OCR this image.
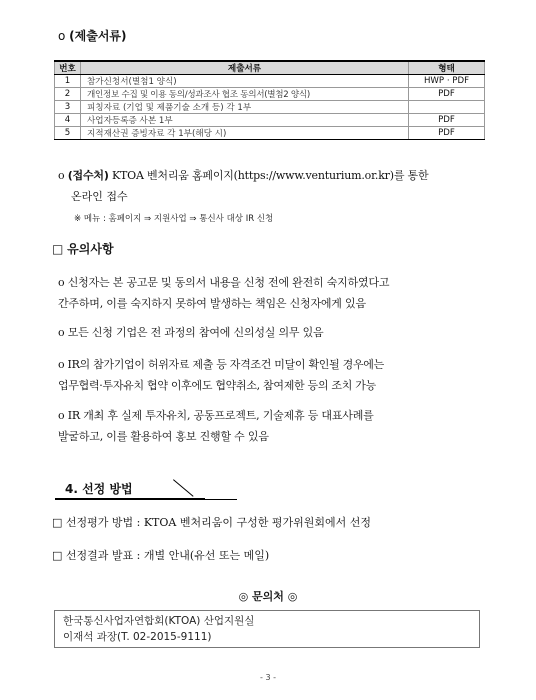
o (제출서류)
번호	제출서류	형태
1	참가신청서(별첨1 양식)	HWP · PDF
2	개인정보 수집 및 이용 동의/성과조사 협조 동의서(별첨2 양식)	PDF
3	피칭자료 (기업 및 제품기술 소개 등) 각 1부	
4	사업자등록증 사본 1부	PDF
5	지적재산권 증빙자료 각 1부(해당 시)	PDF
o (접수처) KTOA 벤처리움 홈페이지(https://www.venturium.or.kr)를 통한
온라인 접수
※ 메뉴 : 홈페이지 ⇒ 지원사업 ⇒ 통신사 대상 IR 신청
□ 유의사항
o 신청자는 본 공고문 및 동의서 내용을 신청 전에 완전히 숙지하였다고
간주하며, 이를 숙지하지 못하여 발생하는 책임은 신청자에게 있음
o 모든 신청 기업은 전 과정의 참여에 신의성실 의무 있음
o IR의 참가기업이 허위자료 제출 등 자격조건 미달이 확인될 경우에는
업무협력·투자유치 협약 이후에도 협약취소, 참여제한 등의 조치 가능
o IR 개최 후 실제 투자유치, 공동프로젝트, 기술제휴 등 대표사례를
발굴하고, 이를 활용하여 홍보 진행할 수 있음
4. 선정 방법
□ 선정평가 방법 : KTOA 벤처리움이 구성한 평가위원회에서 선정
□ 선정결과 발표 : 개별 안내(유선 또는 메일)
◎ 문의처 ◎
한국통신사업자연합회(KTOA) 산업지원실
이재석 과장(T. 02-2015-9111)
- 3 -
